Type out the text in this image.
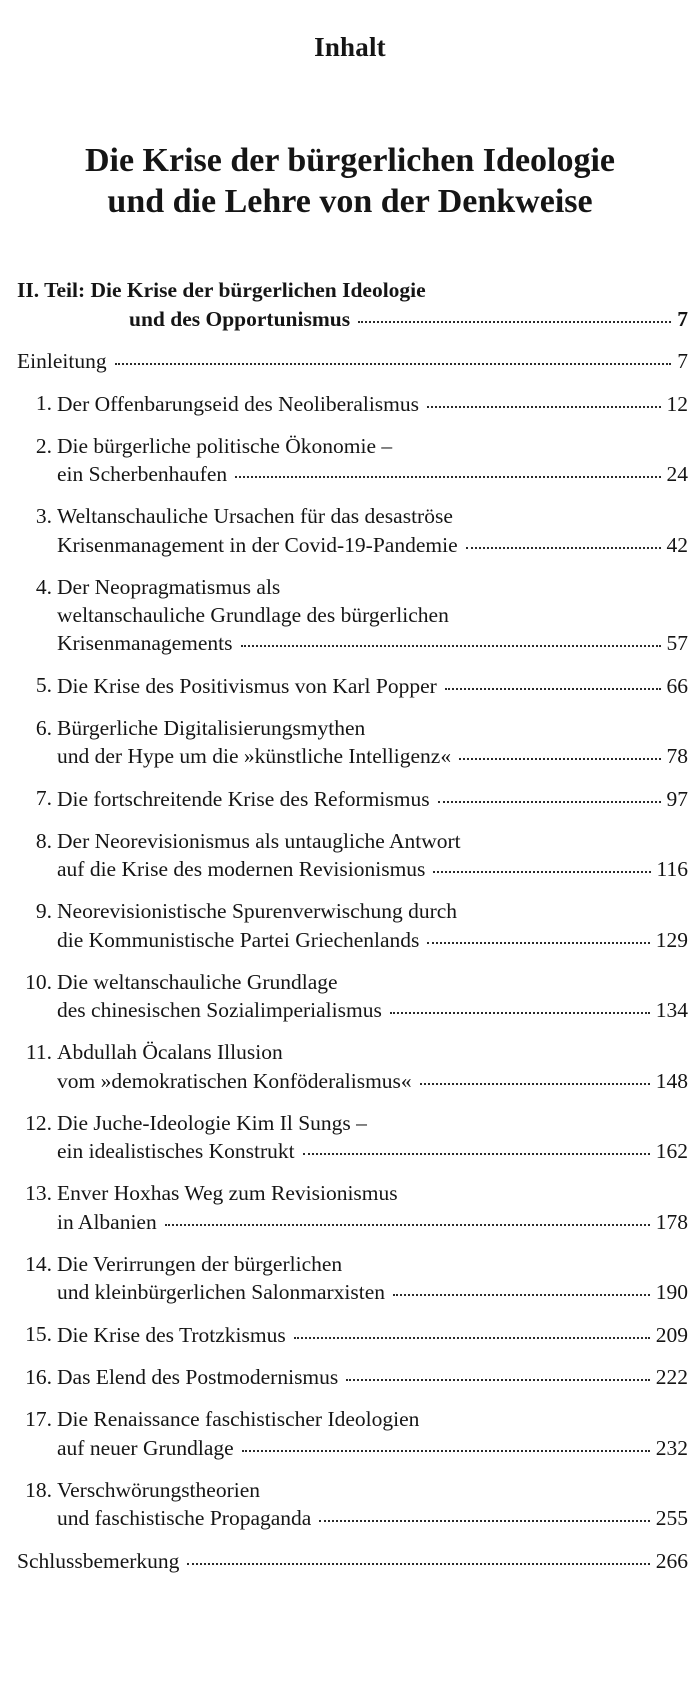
Inhalt
Die Krise der bürgerlichen Ideologie
und die Lehre von der Denkweise
II. Teil: Die Krise der bürgerlichen Ideologie
und des Opportunismus	7
Einleitung	7
1. Der Offenbarungseid des Neoliberalismus	12
2. Die bürgerliche politische Ökonomie –
ein Scherbenhaufen	24
3. Weltanschauliche Ursachen für das desaströse
Krisenmanagement in der Covid-19-Pandemie	42
4. Der Neopragmatismus als
weltanschauliche Grundlage des bürgerlichen
Krisenmanagements	57
5. Die Krise des Positivismus von Karl Popper	66
6. Bürgerliche Digitalisierungsmythen
und der Hype um die »künstliche Intelligenz«	78
7. Die fortschreitende Krise des Reformismus	97
8. Der Neorevisionismus als untaugliche Antwort
auf die Krise des modernen Revisionismus	116
9. Neorevisionistische Spurenverwischung durch
die Kommunistische Partei Griechenlands	129
10. Die weltanschauliche Grundlage
des chinesischen Sozialimperialismus	134
11. Abdullah Öcalans Illusion
vom »demokratischen Konföderalismus«	148
12. Die Juche-Ideologie Kim Il Sungs –
ein idealistisches Konstrukt	162
13. Enver Hoxhas Weg zum Revisionismus
in Albanien	178
14. Die Verirrungen der bürgerlichen
und kleinbürgerlichen Salonmarxisten	190
15. Die Krise des Trotzkismus	209
16. Das Elend des Postmodernismus	222
17. Die Renaissance faschistischer Ideologien
auf neuer Grundlage	232
18. Verschwörungstheorien
und faschistische Propaganda	255
Schlussbemerkung	266
